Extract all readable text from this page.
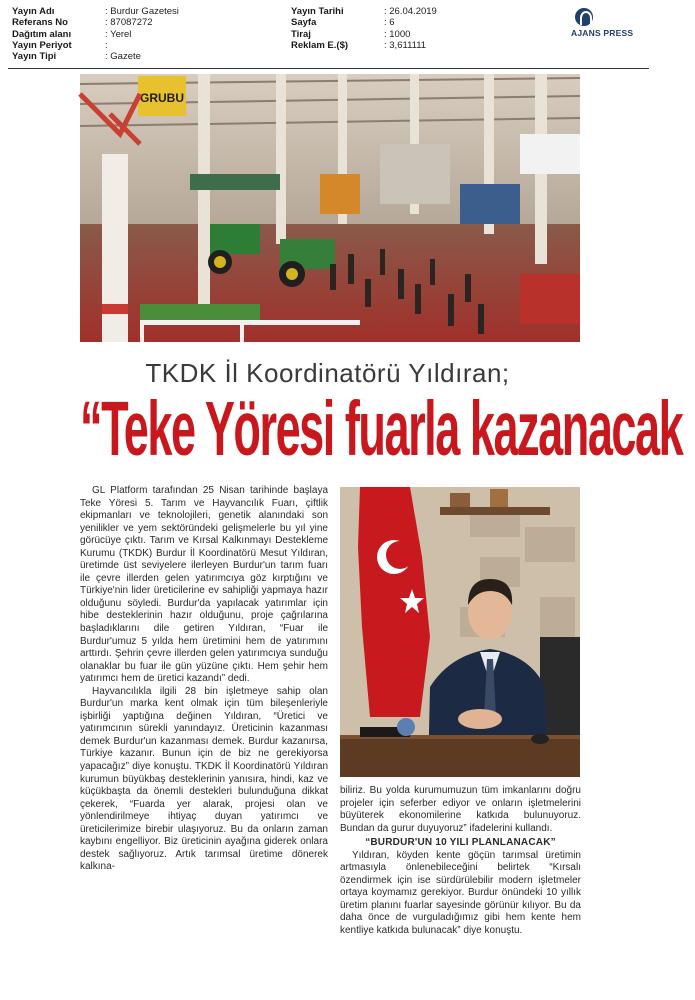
Yayın Adı	: Burdur Gazetesi
Referans No	: 87087272
Dağıtım alanı	: Yerel
Yayın Periyot	:
Yayın Tipi	: Gazete
Yayın Tarihi	: 26.04.2019
Sayfa	: 6
Tiraj	: 1000
Reklam E.($)	: 3,611111
AJANS PRESS
GRUBU
TKDK İl Koordinatörü Yıldıran;
“Teke Yöresi fuarla kazanacak

GL Platform tarafından 25 Nisan tarihinde başlaya Teke Yöresi 5. Tarım ve Hayvancılık Fuarı, çiftlik ekipmanları ve teknolojileri, genetik alanındaki son yenilikler ve yem sektöründeki gelişmelerle bu yıl yine görücüye çıktı. Tarım ve Kırsal Kalkınmayı Destekleme Kurumu (TKDK) Burdur İl Koordinatörü Mesut Yıldıran, üretimde üst seviyelere ilerleyen Burdur'un tarım fuarı ile çevre illerden gelen yatırımcıya göz kırptığını ve Türkiye'nin lider üreticilerine ev sahipliği yapmaya hazır olduğunu söyledi. Burdur'da yapılacak yatırımlar için hibe desteklerinin hazır olduğunu, proje çağrılarına başladıklarını dile getiren Yıldıran, “Fuar ile Burdur'umuz 5 yılda hem üretimini hem de yatırımını arttırdı. Şehrin çevre illerden gelen yatırımcıya sunduğu olanaklar bu fuar ile gün yüzüne çıktı. Hem şehir hem yatırımcı hem de üretici kazandı” dedi.

Hayvancılıkla ilgili 28 bin işletmeye sahip olan Burdur'un marka kent olmak için tüm bileşenleriyle işbirliği yaptığına değinen Yıldıran, “Üretici ve yatırımcının sürekli yanındayız. Üreticinin kazanması demek Burdur'un kazanması demek. Burdur kazanırsa, Türkiye kazanır. Bunun için de biz ne gerekiyorsa yapacağız” diye konuştu. TKDK İl Koordinatörü Yıldıran kurumun büyükbaş desteklerinin yanısıra, hindi, kaz ve küçükbaşta da önemli destekleri bulunduğuna dikkat çekerek, “Fuarda yer alarak, projesi olan ve yönlendirilmeye ihtiyaç duyan yatırımcı ve üreticilerimize birebir ulaşıyoruz. Bu da onların zaman kaybını engelliyor. Biz üreticinin ayağına giderek onlara destek sağlıyoruz. Artık tarımsal üretime dönerek kalkına-

biliriz. Bu yolda kurumumuzun tüm imkanlarını doğru projeler için seferber ediyor ve onların işletmelerini büyüterek ekonomilerine katkıda bulunuyoruz. Bundan da gurur duyuyoruz” ifadelerini kullandı.

“BURDUR'UN 10 YILI PLANLANACAK”

Yıldıran, köyden kente göçün tarımsal üretimin artmasıyla önlenebileceğini belirtek “Kırsalı özendirmek için ise sürdürülebilir modern işletmeler ortaya koymamız gerekiyor. Burdur önündeki 10 yıllık üretim planını fuarlar sayesinde görünür kılıyor. Bu da daha önce de vurguladığımız gibi hem kente hem kentliye katkıda bulunacak” diye konuştu.
